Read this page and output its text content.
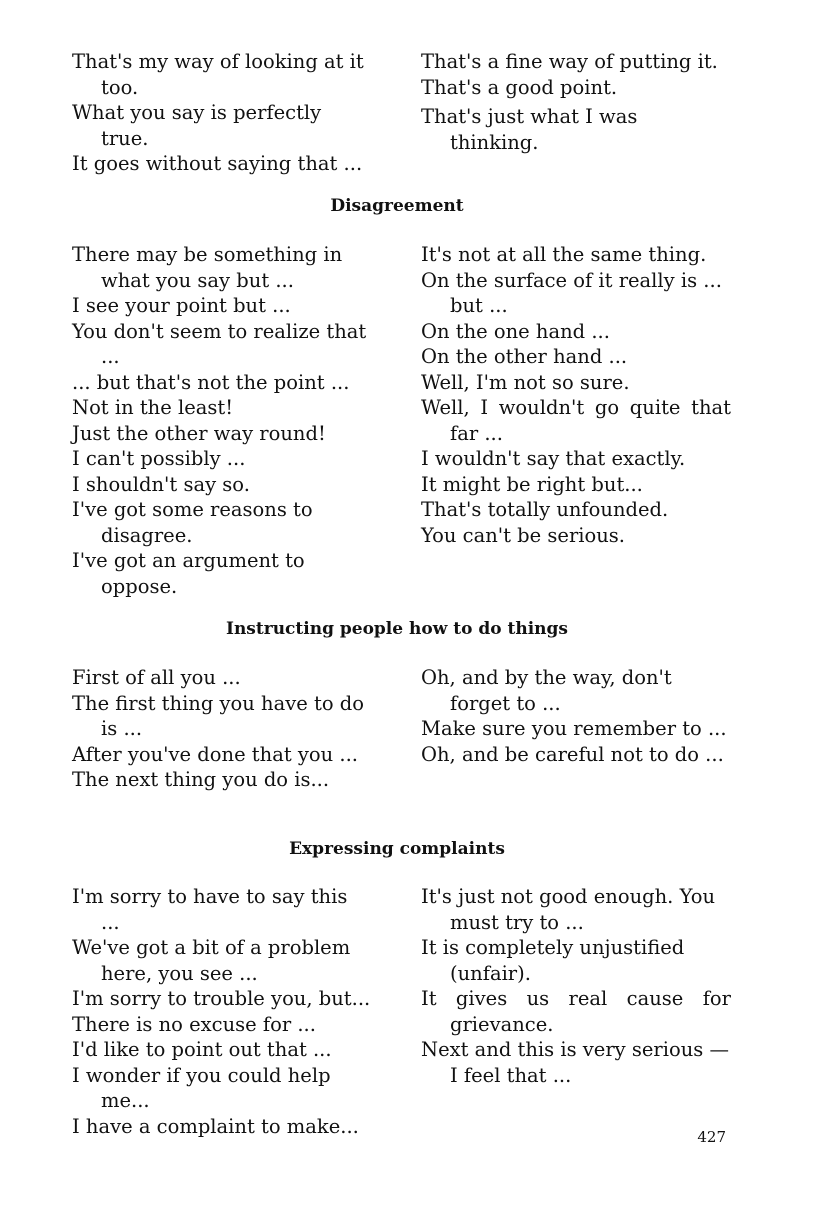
That's my way of looking at it too.
What you say is perfectly true.
It goes without saying that ...
That's a fine way of putting it.
That's a good point.
That's just what I was thinking.
Disagreement
There may be something in what you say but ...
I see your point but ...
You don't seem to realize that ...
... but that's not the point ...
Not in the least!
Just the other way round!
I can't possibly ...
I shouldn't say so.
I've got some reasons to disagree.
I've got an argument to oppose.
It's not at all the same thing.
On the surface of it really is ... but ...
On the one hand ...
On the other hand ...
Well, I'm not so sure.
Well, I wouldn't go quite that far ...
I wouldn't say that exactly.
It might be right but...
That's totally unfounded.
You can't be serious.
Instructing people how to do things
First of all you ...
The first thing you have to do is ...
After you've done that you ...
The next thing you do is...
Oh, and by the way, don't forget to ...
Make sure you remember to ...
Oh, and be careful not to do ...
Expressing complaints
I'm sorry to have to say this ...
We've got a bit of a problem here, you see ...
I'm sorry to trouble you, but...
There is no excuse for ...
I'd like to point out that ...
I wonder if you could help me...
I have a complaint to make...
It's just not good enough. You must try to ...
It is completely unjustified (unfair).
It gives us real cause for grievance.
Next and this is very serious — I feel that ...
427
